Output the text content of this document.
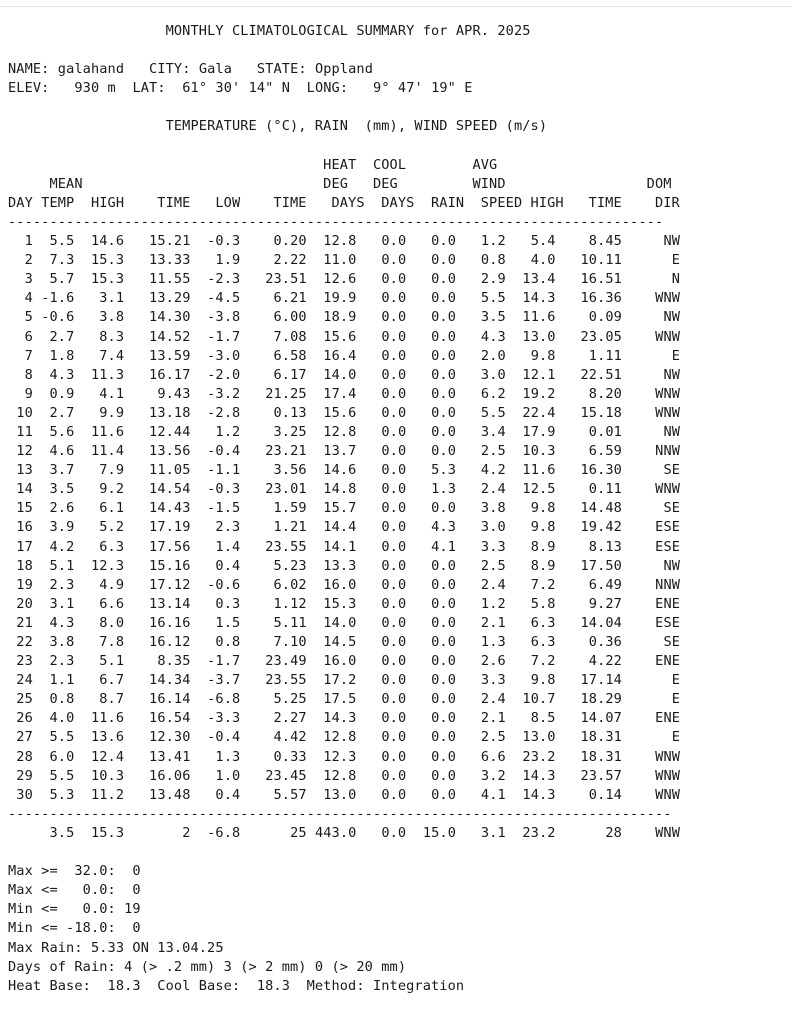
MONTHLY CLIMATOLOGICAL SUMMARY for APR. 2025

NAME: galahand CITY: Gala STATE: Oppland
ELEV: 930 m LAT: 61° 30' 14" N LONG: 9° 47' 19" E

TEMPERATURE (°C), RAIN  (mm), WIND SPEED (m/s)

HEAT  COOL        AVG
MEAN                             DEG   DEG         WIND                 DOM
DAY TEMP  HIGH    TIME   LOW    TIME   DAYS  DAYS  RAIN  SPEED HIGH   TIME    DIR
-------------------------------------------------------------------------------
1 5.5 14.6 15.21 -0.3 0.20 12.8 0.0 0.0 1.2 5.4 8.45	NW
2 7.3 15.3 13.33 1.9 2.22 11.0 0.0 0.0 0.8 4.0 10.11	E
3 5.7 15.3 11.55 -2.3 23.51 12.6 0.0 0.0 2.9 13.4 16.51	N
4 -1.6 3.1 13.29 -4.5 6.21 19.9 0.0 0.0 5.5 14.3 16.36 WNW
5 -0.6 3.8 14.30 -3.8 6.00 18.9 0.0 0.0 3.5 11.6 0.09	NW
6 2.7 8.3 14.52 -1.7 7.08 15.6 0.0 0.0 4.3 13.0 23.05 WNW
7 1.8 7.4 13.59 -3.0 6.58 16.4 0.0 0.0 2.0 9.8 1.11	E
8 4.3 11.3 16.17 -2.0 6.17 14.0 0.0 0.0 3.0 12.1 22.51	NW
9 0.9 4.1 9.43 -3.2 21.25 17.4 0.0 0.0 6.2 19.2 8.20 WNW
10 2.7 9.9 13.18 -2.8 0.13 15.6 0.0 0.0 5.5 22.4 15.18 WNW
11 5.6 11.6 12.44 1.2 3.25 12.8 0.0 0.0 3.4 17.9 0.01	NW
12 4.6 11.4 13.56 -0.4 23.21 13.7 0.0 0.0 2.5 10.3 6.59 NNW
13 3.7 7.9 11.05 -1.1 3.56 14.6 0.0 5.3 4.2 11.6 16.30	SE
14 3.5 9.2 14.54 -0.3 23.01 14.8 0.0 1.3 2.4 12.5 0.11 WNW
15 2.6 6.1 14.43 -1.5 1.59 15.7 0.0 0.0 3.8 9.8 14.48	SE
16 3.9 5.2 17.19 2.3 1.21 14.4 0.0 4.3 3.0 9.8 19.42 ESE
17 4.2 6.3 17.56 1.4 23.55 14.1 0.0 4.1 3.3 8.9 8.13 ESE
18 5.1 12.3 15.16 0.4 5.23 13.3 0.0 0.0 2.5 8.9 17.50	NW
19 2.3 4.9 17.12 -0.6 6.02 16.0 0.0 0.0 2.4 7.2 6.49 NNW
20 3.1 6.6 13.14 0.3 1.12 15.3 0.0 0.0 1.2 5.8 9.27 ENE
21 4.3 8.0 16.16 1.5 5.11 14.0 0.0 0.0 2.1 6.3 14.04 ESE
22 3.8 7.8 16.12 0.8 7.10 14.5 0.0 0.0 1.3 6.3 0.36	SE
23 2.3 5.1 8.35 -1.7 23.49 16.0 0.0 0.0 2.6 7.2 4.22 ENE
24 1.1 6.7 14.34 -3.7 23.55 17.2 0.0 0.0 3.3 9.8 17.14	E
25 0.8 8.7 16.14 -6.8 5.25 17.5 0.0 0.0 2.4 10.7 18.29	E
26 4.0 11.6 16.54 -3.3 2.27 14.3 0.0 0.0 2.1 8.5 14.07 ENE
27 5.5 13.6 12.30 -0.4 4.42 12.8 0.0 0.0 2.5 13.0 18.31	E
28 6.0 12.4 13.41 1.3 0.33 12.3 0.0 0.0 6.6 23.2 18.31 WNW
29 5.5 10.3 16.06 1.0 23.45 12.8 0.0 0.0 3.2 14.3 23.57 WNW
30 5.3 11.2 13.48 0.4 5.57 13.0 0.0 0.0 4.1 14.3 0.14 WNW
--------------------------------------------------------------------------------
3.5 15.3	2 -6.8	25 443.0 0.0 15.0 3.1 23.2	28 WNW

Max >=  32.0:  0
Max <=   0.0:  0
Min <=   0.0: 19
Min <= -18.0:  0
Max Rain: 5.33 ON 13.04.25
Days of Rain: 4 (> .2 mm) 3 (> 2 mm) 0 (> 20 mm)
Heat Base:  18.3  Cool Base:  18.3  Method: Integration
